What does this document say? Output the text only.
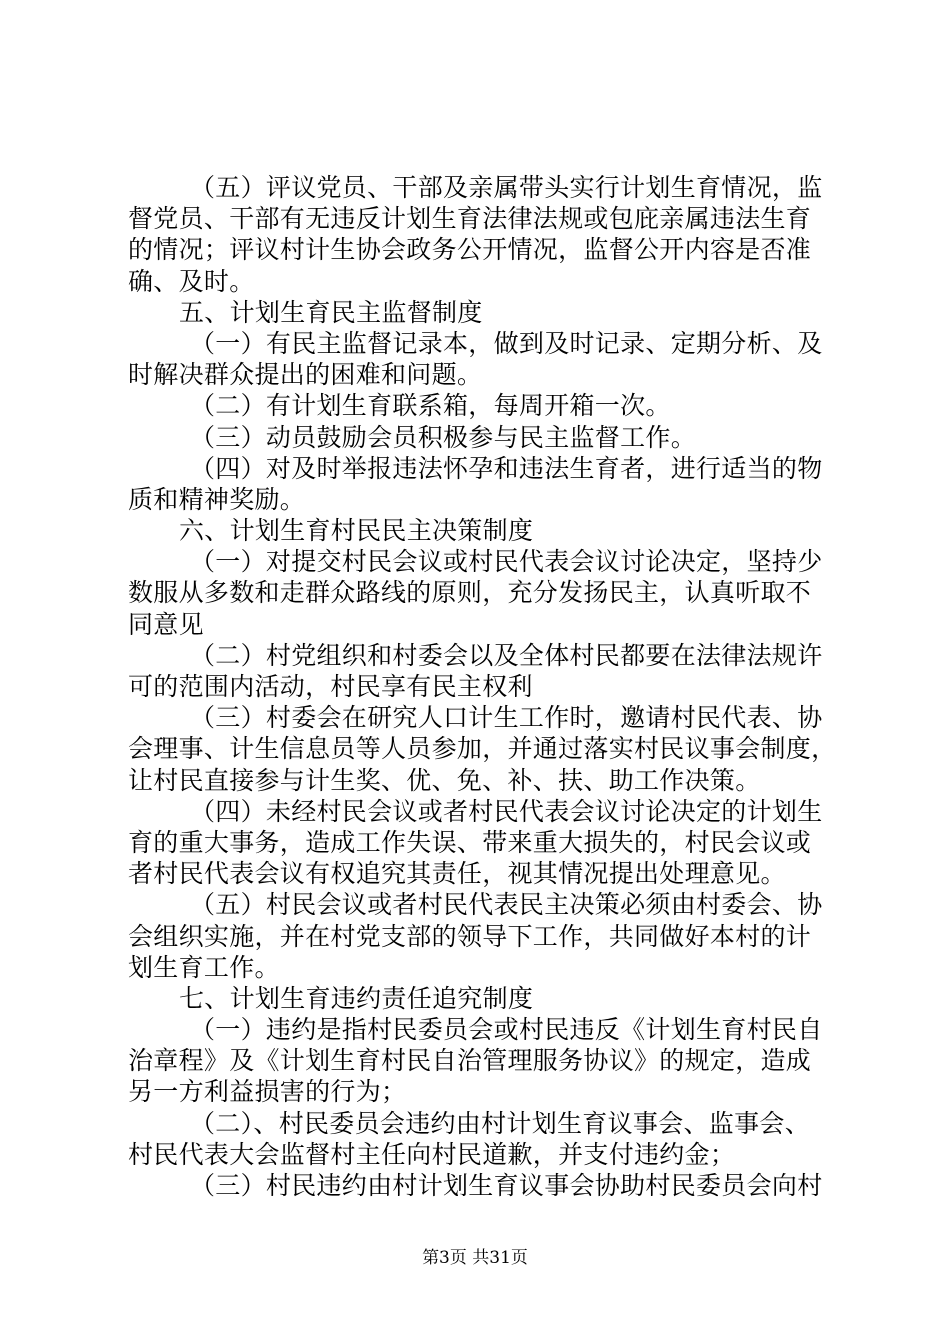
（五）评议党员、干部及亲属带头实行计划生育情况，监
督党员、干部有无违反计划生育法律法规或包庇亲属违法生育
的情况；评议村计生协会政务公开情况，监督公开内容是否准
确、及时。
五、计划生育民主监督制度
（一）有民主监督记录本，做到及时记录、定期分析、及
时解决群众提出的困难和问题。
（二）有计划生育联系箱，每周开箱一次。
（三）动员鼓励会员积极参与民主监督工作。
（四）对及时举报违法怀孕和违法生育者，进行适当的物
质和精神奖励。
六、计划生育村民民主决策制度
（一）对提交村民会议或村民代表会议讨论决定，坚持少
数服从多数和走群众路线的原则，充分发扬民主，认真听取不
同意见
（二）村党组织和村委会以及全体村民都要在法律法规许
可的范围内活动，村民享有民主权利
（三）村委会在研究人口计生工作时，邀请村民代表、协
会理事、计生信息员等人员参加，并通过落实村民议事会制度，
让村民直接参与计生奖、优、免、补、扶、助工作决策。
（四）未经村民会议或者村民代表会议讨论决定的计划生
育的重大事务，造成工作失误、带来重大损失的，村民会议或
者村民代表会议有权追究其责任，视其情况提出处理意见。
（五）村民会议或者村民代表民主决策必须由村委会、协
会组织实施，并在村党支部的领导下工作，共同做好本村的计
划生育工作。
七、计划生育违约责任追究制度
（一）违约是指村民委员会或村民违反《计划生育村民自
治章程》及《计划生育村民自治管理服务协议》的规定，造成
另一方利益损害的行为；
（二）、村民委员会违约由村计划生育议事会、监事会、
村民代表大会监督村主任向村民道歉，并支付违约金；
（三）村民违约由村计划生育议事会协助村民委员会向村
第3页 共31页
